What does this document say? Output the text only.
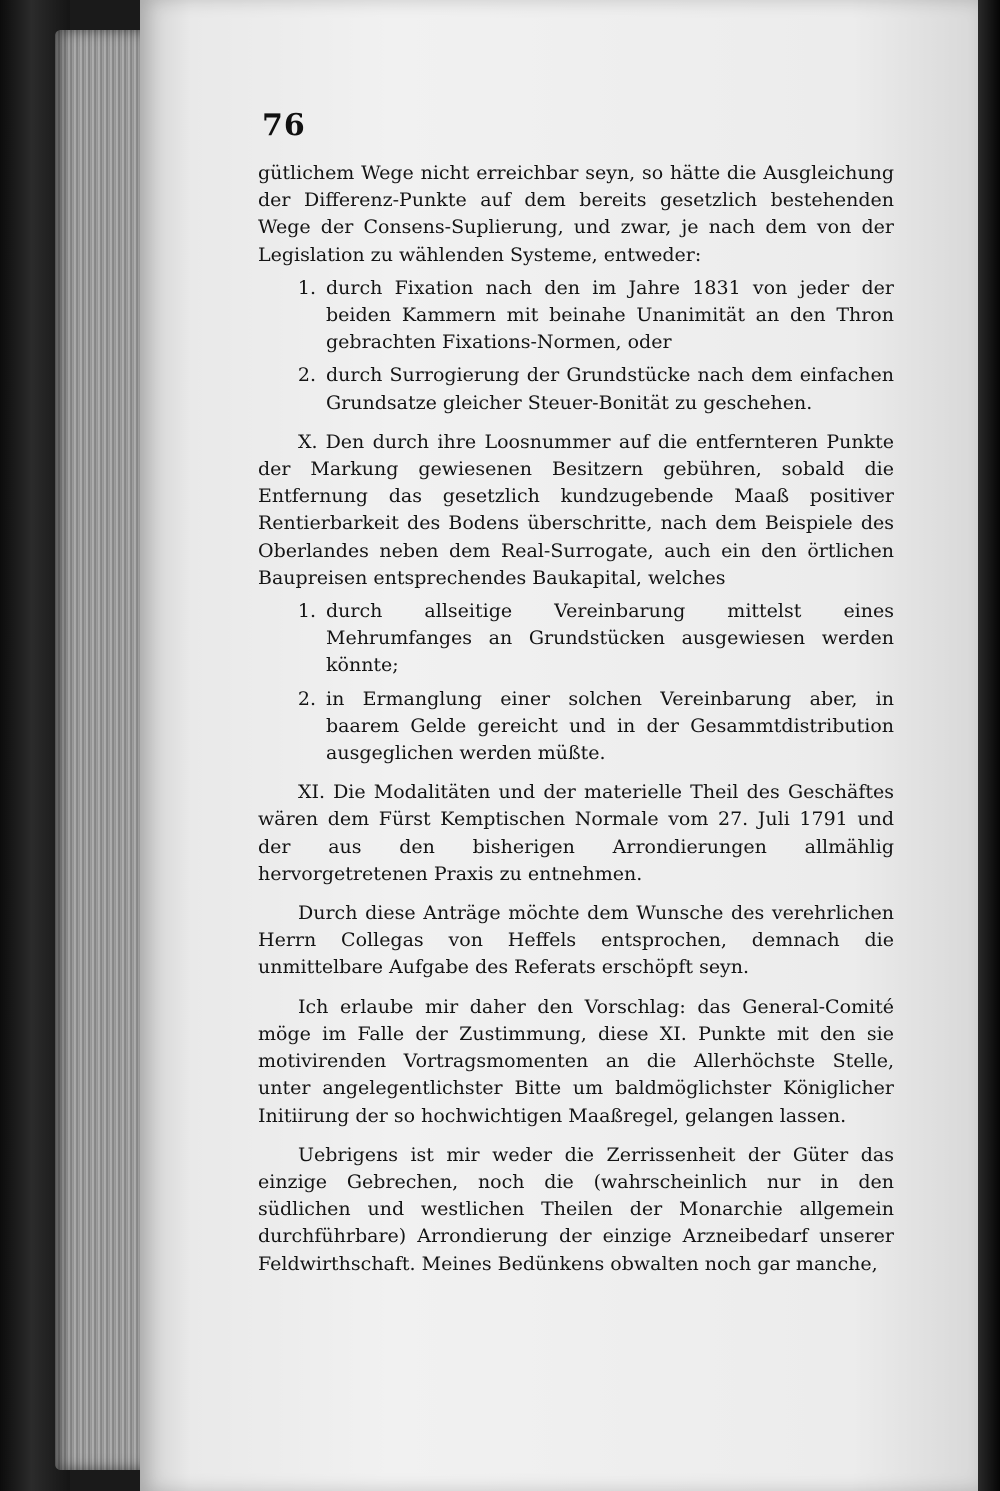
76

gütlichem Wege nicht erreichbar seyn, so hätte die Ausgleichung der Differenz-Punkte auf dem bereits gesetzlich bestehenden Wege der Consens-Suplierung, und zwar, je nach dem von der Legislation zu wählenden Systeme, entweder:

1. durch Fixation nach den im Jahre 1831 von jeder der beiden Kammern mit beinahe Unanimität an den Thron gebrachten Fixations-Normen, oder
2. durch Surrogierung der Grundstücke nach dem einfachen Grundsatze gleicher Steuer-Bonität zu geschehen.

X. Den durch ihre Loosnummer auf die entfernteren Punkte der Markung gewiesenen Besitzern gebühren, sobald die Entfernung das gesetzlich kundzugebende Maaß positiver Rentierbarkeit des Bodens überschritte, nach dem Beispiele des Oberlandes neben dem Real-Surrogate, auch ein den örtlichen Baupreisen entsprechendes Baukapital, welches

1. durch allseitige Vereinbarung mittelst eines Mehrumfanges an Grundstücken ausgewiesen werden könnte;
2. in Ermanglung einer solchen Vereinbarung aber, in baarem Gelde gereicht und in der Gesammtdistribution ausgeglichen werden müßte.

XI. Die Modalitäten und der materielle Theil des Geschäftes wären dem Fürst Kemptischen Normale vom 27. Juli 1791 und der aus den bisherigen Arrondierungen allmählig hervorgetretenen Praxis zu entnehmen.

Durch diese Anträge möchte dem Wunsche des verehrlichen Herrn Collegas von Heffels entsprochen, demnach die unmittelbare Aufgabe des Referats erschöpft seyn.

Ich erlaube mir daher den Vorschlag: das General-Comité möge im Falle der Zustimmung, diese XI. Punkte mit den sie motivirenden Vortragsmomenten an die Allerhöchste Stelle, unter angelegentlichster Bitte um baldmöglichster Königlicher Initiirung der so hochwichtigen Maaßregel, gelangen lassen.

Uebrigens ist mir weder die Zerrissenheit der Güter das einzige Gebrechen, noch die (wahrscheinlich nur in den südlichen und westlichen Theilen der Monarchie allgemein durchführbare) Arrondierung der einzige Arzneibedarf unserer Feldwirthschaft. Meines Bedünkens obwalten noch gar manche,
